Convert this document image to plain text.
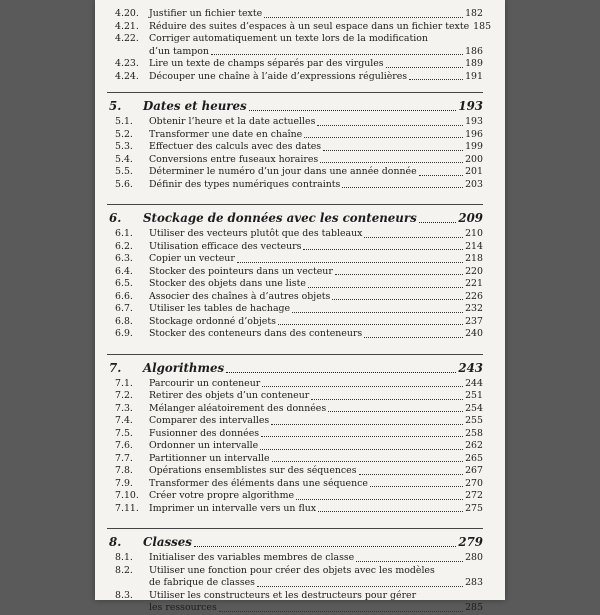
4.20.	Justifier un fichier texte	182
4.21.	Réduire des suites d’espaces à un seul espace dans un fichier texte 185
4.22.	Corriger automatiquement un texte lors de la modification
d’un tampon	186
4.23.	Lire un texte de champs séparés par des virgules	189
4.24.	Découper une chaîne à l’aide d’expressions régulières	191
5.	Dates et heures	193
5.1.	Obtenir l’heure et la date actuelles	193
5.2.	Transformer une date en chaîne	196
5.3.	Effectuer des calculs avec des dates	199
5.4.	Conversions entre fuseaux horaires	200
5.5.	Déterminer le numéro d’un jour dans une année donnée	201
5.6.	Définir des types numériques contraints	203
6.	Stockage de données avec les conteneurs	209
6.1.	Utiliser des vecteurs plutôt que des tableaux	210
6.2.	Utilisation efficace des vecteurs	214
6.3.	Copier un vecteur	218
6.4.	Stocker des pointeurs dans un vecteur	220
6.5.	Stocker des objets dans une liste	221
6.6.	Associer des chaînes à d’autres objets	226
6.7.	Utiliser les tables de hachage	232
6.8.	Stockage ordonné d’objets	237
6.9.	Stocker des conteneurs dans des conteneurs	240
7.	Algorithmes	243
7.1.	Parcourir un conteneur	244
7.2.	Retirer des objets d’un conteneur	251
7.3.	Mélanger aléatoirement des données	254
7.4.	Comparer des intervalles	255
7.5.	Fusionner des données	258
7.6.	Ordonner un intervalle	262
7.7.	Partitionner un intervalle	265
7.8.	Opérations ensemblistes sur des séquences	267
7.9.	Transformer des éléments dans une séquence	270
7.10.	Créer votre propre algorithme	272
7.11.	Imprimer un intervalle vers un flux	275
8.	Classes	279
8.1.	Initialiser des variables membres de classe	280
8.2.	Utiliser une fonction pour créer des objets avec les modèles
de fabrique de classes	283
8.3.	Utiliser les constructeurs et les destructeurs pour gérer
les ressources	285
